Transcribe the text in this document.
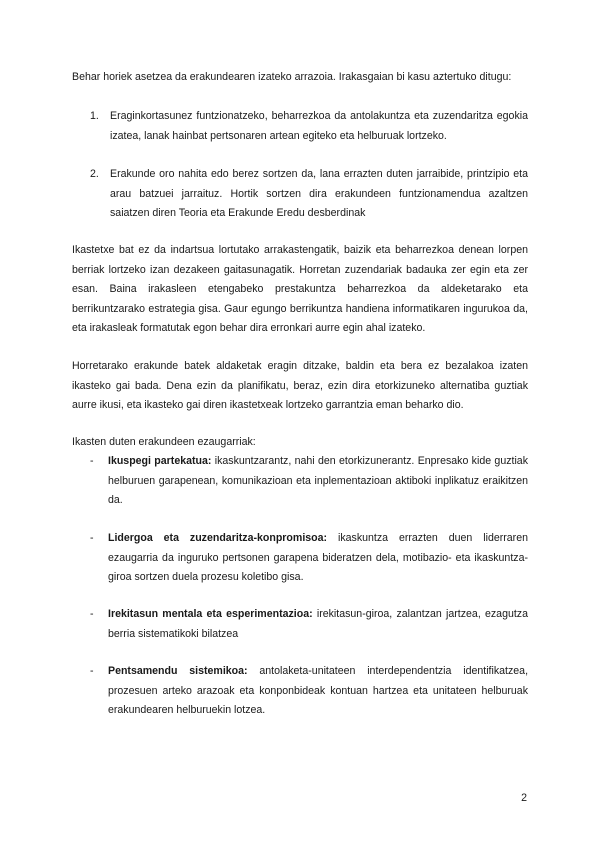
Behar horiek asetzea da erakundearen izateko arrazoia. Irakasgaian bi kasu aztertuko ditugu:

1.	Eraginkortasunez funtzionatzeko, beharrezkoa da antolakuntza eta zuzendaritza egokia izatea, lanak hainbat pertsonaren artean egiteko eta helburuak lortzeko.
2.	Erakunde oro nahita edo berez sortzen da, lana errazten duten jarraibide, printzipio eta arau batzuei jarraituz. Hortik sortzen dira erakundeen funtzionamendua azaltzen saiatzen diren Teoria eta Erakunde Eredu desberdinak

Ikastetxe bat ez da indartsua lortutako arrakastengatik, baizik eta beharrezkoa denean lorpen berriak lortzeko izan dezakeen gaitasunagatik. Horretan zuzendariak badauka zer egin eta zer esan. Baina irakasleen etengabeko prestakuntza beharrezkoa da aldeketarako eta berrikuntzarako estrategia gisa. Gaur egungo berrikuntza handiena informatikaren ingurukoa da, eta irakasleak formatutak egon behar dira erronkari aurre egin ahal izateko.

Horretarako erakunde batek aldaketak eragin ditzake, baldin eta bera ez bezalakoa izaten ikasteko gai bada. Dena ezin da planifikatu, beraz, ezin dira etorkizuneko alternatiba guztiak aurre ikusi, eta ikasteko gai diren ikastetxeak lortzeko garrantzia eman beharko dio.

Ikasten duten erakundeen ezaugarriak:

-	Ikuspegi partekatua: ikaskuntzarantz, nahi den etorkizunerantz. Enpresako kide guztiak helburuen garapenean, komunikazioan eta inplementazioan aktiboki inplikatuz eraikitzen da.
-	Lidergoa eta zuzendaritza-konpromisoa: ikaskuntza errazten duen liderraren ezaugarria da inguruko pertsonen garapena bideratzen dela, motibazio- eta ikaskuntza-giroa sortzen duela prozesu koletibo gisa.
-	Irekitasun mentala eta esperimentazioa: irekitasun-giroa, zalantzan jartzea, ezagutza berria sistematikoki bilatzea
-	Pentsamendu sistemikoa: antolaketa-unitateen interdependentzia identifikatzea, prozesuen arteko arazoak eta konponbideak kontuan hartzea eta unitateen helburuak erakundearen helburuekin lotzea.
2
